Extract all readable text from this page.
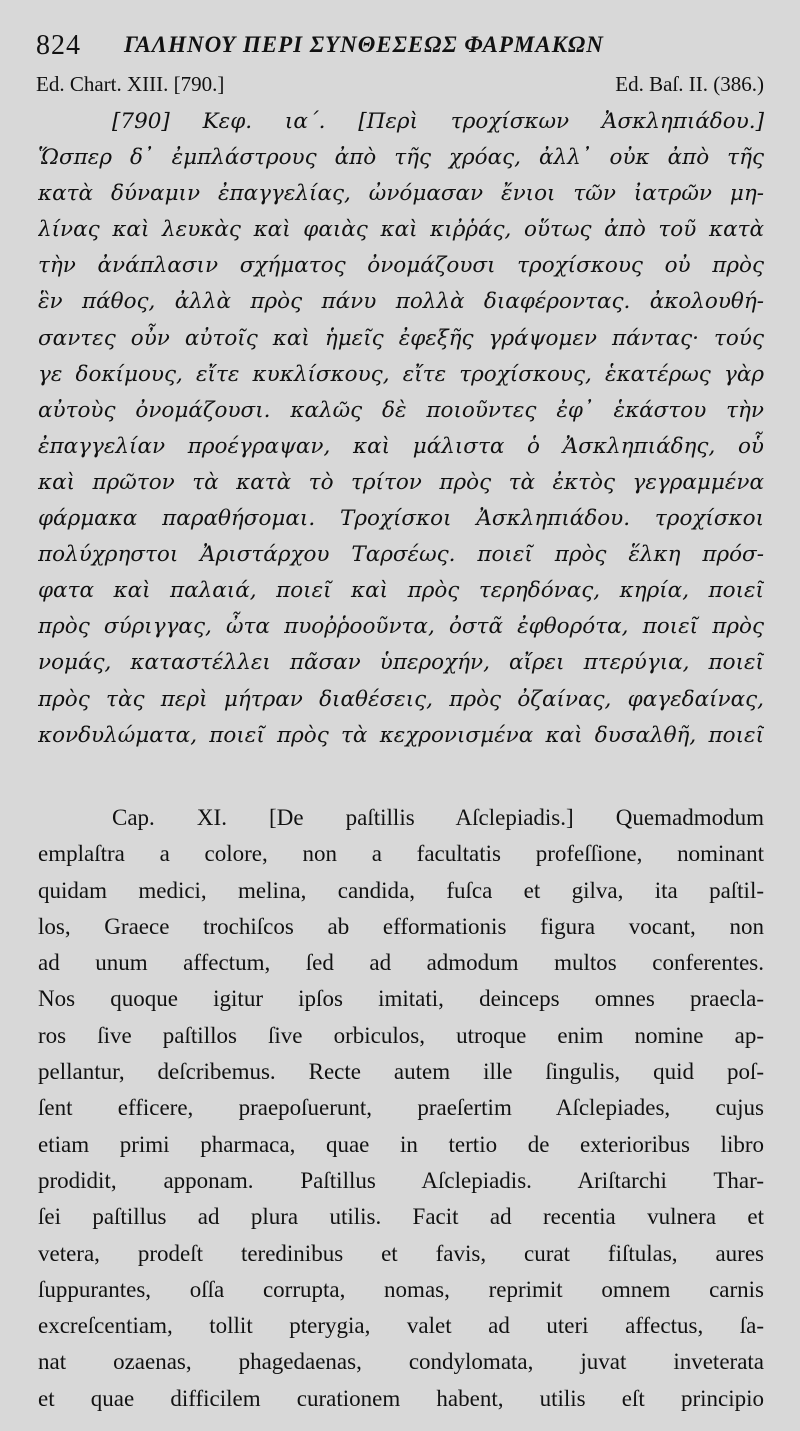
824 ΓΑΛΗΝΟΥ ΠΕΡΙ ΣΥΝΘΕΣΕΩΣ ΦΑΡΜΑΚΩΝ
Ed. Chart. XIII. [790.]	Ed. Baſ. II. (386.)
[790] Κεφ. ια΄. [Περὶ τροχίσκων Ἀσκληπιάδου.]
Ὥσπερ δ᾽ ἐμπλάστρους ἀπὸ τῆς χρόας, ἀλλ᾽ οὐκ ἀπὸ τῆς
κατὰ δύναμιν ἐπαγγελίας, ὠνόμασαν ἔνιοι τῶν ἰατρῶν μη-
λίνας καὶ λευκὰς καὶ φαιὰς καὶ κιῤῥάς, οὕτως ἀπὸ τοῦ κατὰ
τὴν ἀνάπλασιν σχήματος ὀνομάζουσι τροχίσκους οὐ πρὸς
ἓν πάθος, ἀλλὰ πρὸς πάνυ πολλὰ διαφέροντας. ἀκολουθή-
σαντες οὖν αὐτοῖς καὶ ἡμεῖς ἐφεξῆς γράψομεν πάντας· τούς
γε δοκίμους, εἴτε κυκλίσκους, εἴτε τροχίσκους, ἑκατέρως γὰρ
αὐτοὺς ὀνομάζουσι. καλῶς δὲ ποιοῦντες ἐφ᾽ ἑκάστου τὴν
ἐπαγγελίαν προέγραψαν, καὶ μάλιστα ὁ Ἀσκληπιάδης, οὗ
καὶ πρῶτον τὰ κατὰ τὸ τρίτον πρὸς τὰ ἐκτὸς γεγραμμένα
φάρμακα παραθήσομαι. Τροχίσκοι Ἀσκληπιάδου. τροχίσκοι
πολύχρηστοι Ἀριστάρχου Ταρσέως. ποιεῖ πρὸς ἕλκη πρόσ-
φατα καὶ παλαιά, ποιεῖ καὶ πρὸς τερηδόνας, κηρία, ποιεῖ
πρὸς σύριγγας, ὦτα πυοῤῥοοῦντα, ὀστᾶ ἐφθορότα, ποιεῖ πρὸς
νομάς, καταστέλλει πᾶσαν ὑπεροχήν, αἴρει πτερύγια, ποιεῖ
πρὸς τὰς περὶ μήτραν διαθέσεις, πρὸς ὀζαίνας, φαγεδαίνας,
κονδυλώματα, ποιεῖ πρὸς τὰ κεχρονισμένα καὶ δυσαλθῆ, ποιεῖ
Cap. XI. [De paſtillis Aſclepiadis.] Quemadmodum
emplaſtra a colore, non a facultatis profeſſione, nominant
quidam medici, melina, candida, fuſca et gilva, ita paſtil-
los, Graece trochiſcos ab efformationis figura vocant, non
ad unum affectum, ſed ad admodum multos conferentes.
Nos quoque igitur ipſos imitati, deinceps omnes praecla-
ros ſive paſtillos ſive orbiculos, utroque enim nomine ap-
pellantur, deſcribemus. Recte autem ille ſingulis, quid poſ-
ſent efficere, praepoſuerunt, praeſertim Aſclepiades, cujus
etiam primi pharmaca, quae in tertio de exterioribus libro
prodidit, apponam. Paſtillus Aſclepiadis. Ariſtarchi Thar-
ſei paſtillus ad plura utilis. Facit ad recentia vulnera et
vetera, prodeſt teredinibus et favis, curat fiſtulas, aures
ſuppurantes, oſſa corrupta, nomas, reprimit omnem carnis
excreſcentiam, tollit pterygia, valet ad uteri affectus, ſa-
nat ozaenas, phagedaenas, condylomata, juvat inveterata
et quae difficilem curationem habent, utilis eſt principio
